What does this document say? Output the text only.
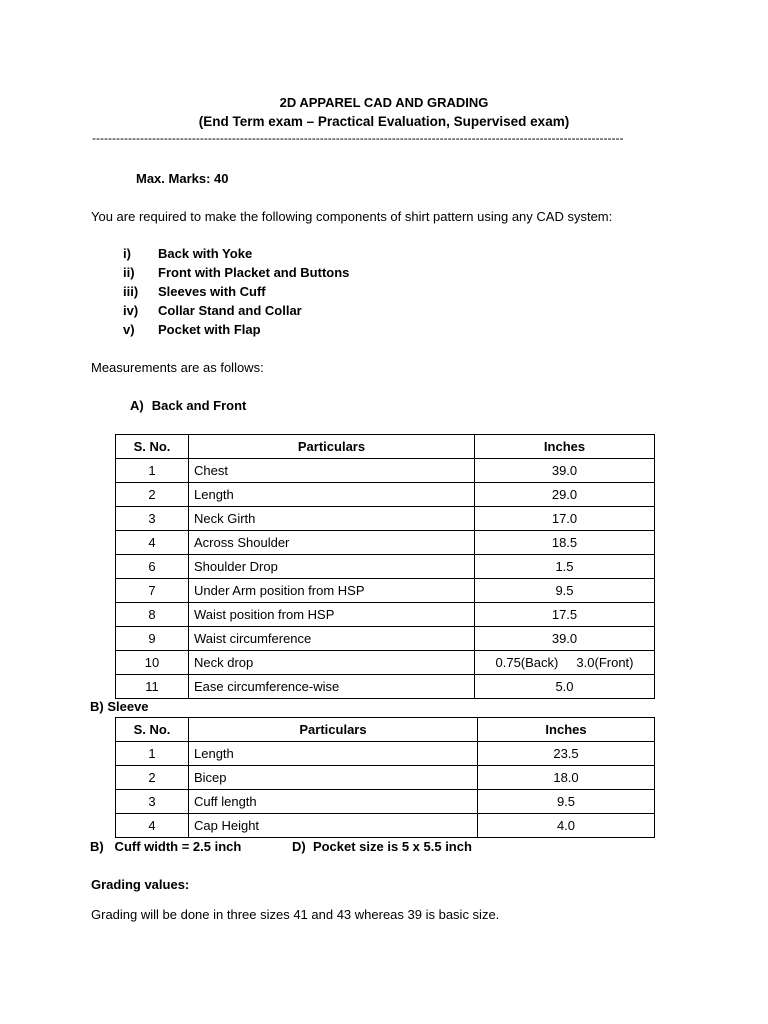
2D APPAREL CAD AND GRADING
(End Term exam – Practical Evaluation, Supervised exam)
-------------------------------------------------------------------------------------------------------------------------------------
Max. Marks: 40
You are required to make the following components of shirt pattern using any CAD system:
i) Back with Yoke
ii) Front with Placket and Buttons
iii) Sleeves with Cuff
iv) Collar Stand and Collar
v) Pocket with Flap
Measurements are as follows:
A) Back and Front
S. No.	Particulars	Inches
1	Chest	39.0
2	Length	29.0
3	Neck Girth	17.0
4	Across Shoulder	18.5
6	Shoulder Drop	1.5
7	Under Arm position from HSP	9.5
8	Waist position from HSP	17.5
9	Waist circumference	39.0
10	Neck drop	0.75(Back)     3.0(Front)
11	Ease circumference-wise	5.0
B) Sleeve
S. No.	Particulars	Inches
1	Length	23.5
2	Bicep	18.0
3	Cuff length	9.5
4	Cap Height	4.0
B)   Cuff width = 2.5 inch	D)  Pocket size is 5 x 5.5 inch
Grading values:
Grading will be done in three sizes 41 and 43 whereas 39 is basic size.
